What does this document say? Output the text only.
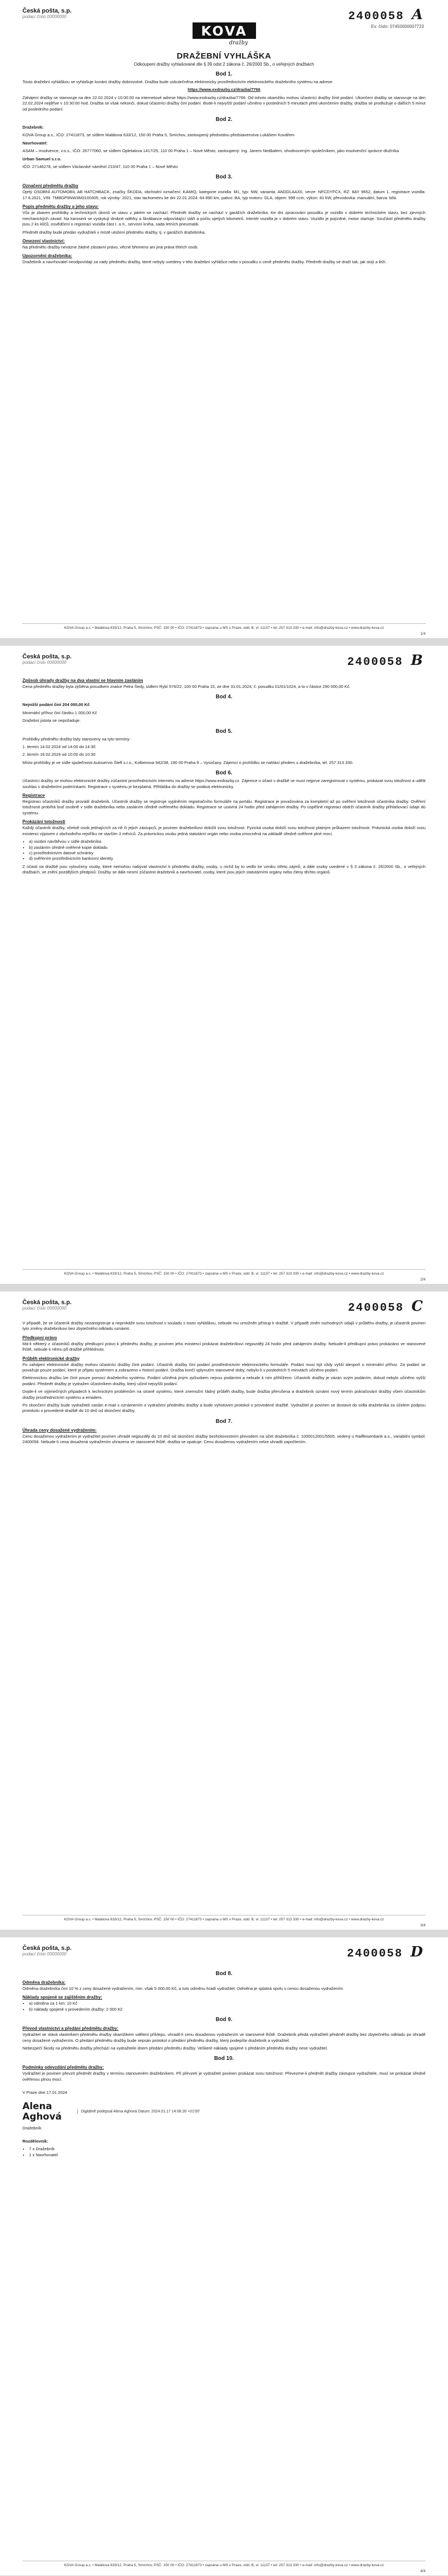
Česká pošta, s.p.
podací číslo 00000000	2400058 A
Ev. číslo: 07450000007723
KOVA
dražby
DRAŽEBNÍ VYHLÁŠKA
Odkoupení dražby vyhlašované dle § 39 odst 2 zákona č. 26/2000 Sb., o veřejných dražbách
Bod 1.

Touto dražební vyhláškou se vyhlašuje konání dražby dobrovolné. Dražba bude uskutečněna elektronicky prostřednictvím elektronického dražebního systému na adrese:

https://www.exdrazby.cz/drazba/7766

Zahájení dražby se stanovuje na den 22.02.2024 v 10:00:00 na internetové adrese https://www.exdrazby.cz/drazba/7766. Od tohoto okamžiku mohou účastníci dražby činit podání. Ukončení dražby se stanovuje na den 22.02.2024 nejdříve v 10:30:00 hod. Dražba se však nekončí, dokud účastníci dražby činí podání. Bude-li nejvyšší podání učiněno v posledních 5 minutách před ukončením dražby, dražba se prodlužuje o dalších 5 minut od posledního podání.

Bod 2.
Dražebník:

KOVA Group a.s., IČO: 27411873, se sídlem Malátova 633/12, 150 00 Praha 5, Smíchov, zastoupený předsedou představenstva Lukášem Kovářem

Navrhovatel:

ASAM – insolvence, v.o.s., IČO: 26777060, se sídlem Opletalova 1417/25, 110 00 Praha 1 – Nové Město, zastoupený: Ing. Janem Nedbalem, ohodnoceným společníkem, jako insolvenční správce dlužníka

Urban Samuel s.r.o.

IČO: 27146278, se sídlem Václavské náměstí 210/47, 110 00 Praha 1 – Nové Město

Bod 3.
Označení předmětu dražby

Ojetý OSOBNÍ AUTOMOBIL AB HATCHBACK, značky ŠKODA, obchodní označení: KAMIQ, kategorie vozidla: M1, typ: NW, varianta: ANDDLAAX0, verze: NFCDYFCX, RZ: 8AY 9652, datum 1. registrace vozidla: 17.6.2021, VIN: TMBGP9NW3M3100305, rok výroby: 2021, stav tachometru ke dni 22.01.2024: 64 890 km, palivo: BA, typ motoru: DLA, objem: 999 ccm, výkon: 81 kW, převodovka: manuální, barva: bílá.

Popis předmětu dražby a jeho stavu:

Vůz je zbaven prohlídky a technických úkonů ve stavu v jakém se nachází. Předmět dražby se nachází v garážích dražebníka. Ke dni zpracování posudku je vozidlo v dobrém technickém stavu, bez zjevných mechanických závad. Na karoserii se vyskytují drobné oděrky a škrábance odpovídající stáří a počtu ujetých kilometrů. Interiér vozidla je v dobrém stavu. Vozidlo je pojízdné, motor startuje. Součástí předmětu dražby jsou 2 ks klíčů, osvědčení o registraci vozidla část I. a II., servisní kniha, sada letních pneumatik.

Předmět dražby bude předán vydražiteli v místě uložení předmětu dražby, tj. v garážích dražebníka.

Omezení vlastnictví:

Na předmětu dražby nevázne žádné zástavní právo, věcné břemeno ani jiná práva třetích osob.

Upozornění dražebníka:

Dražebník a navrhovatel neodpovídají za vady předmětu dražby, které nebyly uvedeny v této dražební vyhlášce nebo v posudku o ceně předmětu dražby. Předmět dražby se draží tak, jak stojí a leží.

KOVA Group a.s. • Malátova 633/12, Praha 5, Smíchov, PSČ: 150 00 • IČO: 27411873 • zapsána u MS v Praze, odd. B, vl. 11137 • tel: 257 313 330 • e-mail: info@drazby-kova.cz • www.drazby-kova.cz
1/4
Česká pošta, s.p.
podací číslo 00000000	2400058 B
Způsob úhrady dražby na dva vlastní se hlavním zasláním

Cena předmětu dražby byla zjištěna posudkem znalce Petra Šedy, sídlem Rybí 576/22, 100 00 Praha 10, ze dne 31.01.2024, č. posudku 01/01/1024, a to v částce 290 000,00 Kč.

Bod 4.

Nejnižší podání činí 204 000,00 Kč

Minimální příhoz činí částku 1 000,00 Kč

Dražební jistota se nepožaduje.

Bod 5.

Prohlídky předmětu dražby byly stanoveny na tyto termíny:

1. termín 14.02.2024 od 14:00 do 14:30

2. termín 16.02.2024 od 10:00 do 10:30

Místo prohlídky je ve sídle společnosti Autoservis Štefl s.r.o., Kolbenova 942/38, 190 00 Praha 9 – Vysočany. Zájemci o prohlídku se nahlásí předem u dražebníka, tel. 257 313 330.

Bod 6.

Účastníci dražby se mohou elektronické dražby zúčastnit prostřednictvím internetu na adrese https://www.exdrazby.cz. Zájemce o účast v dražbě se musí nejprve zaregistrovat v systému, prokázat svou totožnost a udělit souhlas s dražebními podmínkami. Registrace v systému je bezplatná. Přihláška do dražby se podává elektronicky.

Registrace

Registraci účastníků dražby provádí dražebník. Účastník dražby se registruje vyplněním registračního formuláře na portálu. Registrace je považována za kompletní až po ověření totožnosti účastníka dražby. Ověření totožnosti probíhá buď osobně v sídle dražebníka nebo zasláním úředně ověřeného dokladu. Registrace se uzavírá 24 hodin před zahájením dražby. Po úspěšné registraci obdrží účastník dražby přihlašovací údaje do systému.

Prokázání totožnosti

Každý účastník dražby, včetně osob jednajících za ně či jejich zástupců, je povinen dražebníkovi doložit svou totožnost. Fyzická osoba doloží svou totožnost platným průkazem totožnosti. Právnická osoba doloží svou existenci výpisem z obchodního rejstříku ne starším 3 měsíců. Za právnickou osobu jedná statutární orgán nebo osoba zmocněná na základě úředně ověřené plné moci.

• a) osobní návštěvou v sídle dražebníka
• b) zasláním úředně ověřené kopie dokladu
• c) prostřednictvím datové schránky
• d) ověřením prostřednictvím bankovní identity

Z účasti na dražbě jsou vyloučeny osoby, které nemohou nabývat vlastnictví k předmětu dražby, osoby, u nichž by to vedlo ke vzniku střetu zájmů, a dále osoby uvedené v § 3 zákona č. 26/2000 Sb., o veřejných dražbách, ve znění pozdějších předpisů. Dražby se dále nesmí zúčastnit dražebník a navrhovatel, osoby, které jsou jejich statutárními orgány nebo členy těchto orgánů.

KOVA Group a.s. • Malátova 633/12, Praha 5, Smíchov, PSČ: 150 00 • IČO: 27411873 • zapsána u MS v Praze, odd. B, vl. 11137 • tel: 257 313 330 • e-mail: info@drazby-kova.cz • www.drazby-kova.cz
2/4
Česká pošta, s.p.
podací číslo 00000000	2400058 C

V případě, že se účastník dražby nezaregistruje a neprokáže svou totožnost v souladu s touto vyhláškou, nebude mu umožněn přístup k dražbě. V případě změn rozhodných údajů v průběhu dražby, je účastník povinen tyto změny dražebníkovi bez zbytečného odkladu oznámit.

Předkupní právo

Má-li některý z účastníků dražby předkupní právo k předmětu dražby, je povinen jeho existenci prokázat dražebníkovi nejpozději 24 hodin před zahájením dražby. Nebude-li předkupní právo prokázáno ve stanovené lhůtě, nebude k němu při dražbě přihlédnuto.

Průběh elektronické dražby

Po zahájení elektronické dražby mohou účastníci dražby činit podání. Účastník dražby činí podání prostřednictvím elektronického formuláře. Podání musí být vždy vyšší alespoň o minimální příhoz. Za podání se považuje pouze podání, které je přijato systémem a zobrazeno v historii podání. Dražba končí uplynutím stanovené doby, nebylo-li v posledních 5 minutách učiněno podání.

Elektronickou dražbu lze činit pouze pomocí dražebního systému. Podání učiněná jiným způsobem nejsou podáními a nebude k nim přihlíženo. Účastník dražby je vázán svým podáním, dokud nebylo učiněno vyšší podání. Předmět dražby je vydražen účastníkem dražby, který učinil nejvyšší podání.

Dojde-li ve výjimečných případech k technickým problémům na straně systému, které znemožní řádný průběh dražby, bude dražba přerušena a dražebník oznámí nový termín pokračování dražby všem účastníkům dražby prostřednictvím systému a emailem.

Po skončení dražby bude vydražiteli zaslán e-mail s oznámením o vydražení předmětu dražby a bude vyhotoven protokol o provedené dražbě. Vydražitel je povinen se dostavit do sídla dražebníka za účelem podpisu protokolu o provedené dražbě do 10 dnů od skončení dražby.

Bod 7.
Úhrada ceny dosažené vydražením:

Cenu dosaženou vydražením je vydražitel povinen uhradit nejpozději do 10 dnů od skončení dražby bezhotovostním převodem na účet dražebníka č. 1000012001/5500, vedený u Raiffeisenbank a.s., variabilní symbol: 2400058. Nebude-li cena dosažená vydražením uhrazena ve stanovené lhůtě, dražba se opakuje. Cenu dosaženou vydražením nelze uhradit započtením.

KOVA Group a.s. • Malátova 633/12, Praha 5, Smíchov, PSČ: 150 00 • IČO: 27411873 • zapsána u MS v Praze, odd. B, vl. 11137 • tel: 257 313 330 • e-mail: info@drazby-kova.cz • www.drazby-kova.cz
3/4
Česká pošta, s.p.
podací číslo 00000000	2400058 D
Bod 8.
Odměna dražebníka:

Odměna dražebníka činí 10 % z ceny dosažené vydražením, min. však 5 000,00 Kč, a tuto odměnu hradí vydražitel. Odměna je splatná spolu s cenou dosaženou vydražením.

Náklady spojené se zajištěním dražby:
• a) odměna za 1 km: 10 Kč
• b) náklady spojené s provedením dražby: 2 000 Kč
Bod 9.
Převod vlastnictví a předání předmětu dražby:

Vydražitel se stává vlastníkem předmětu dražby okamžikem udělení příklepu, uhradil-li cenu dosaženou vydražením ve stanovené lhůtě. Dražebník předá vydražiteli předmět dražby bez zbytečného odkladu po úhradě ceny dosažené vydražením. O předání předmětu dražby bude sepsán protokol o předání předmětu dražby, který podepíše dražebník a vydražitel.

Nebezpečí škody na předmětu dražby přechází na vydražitele dnem předání předmětu dražby. Veškeré náklady spojené s předáním předmětu dražby nese vydražitel.

Bod 10.
Podmínky odevzdání předmětu dražby:

Vydražitel je povinen převzít předmět dražby v termínu stanoveném dražebníkem. Při převzetí je vydražitel povinen prokázat svou totožnost. Převezme-li předmět dražby zástupce vydražitele, musí se prokázat úředně ověřenou plnou mocí.

V Praze dne 17.01.2024

Alena Aghová	Digitálně podepsal Alena Aghová Datum: 2024.01.17 14:06:26 +01'00'

Dražebník

Rozdělovník:

• 7 x Dražebník
• 1 x Navrhovatel
KOVA Group a.s. • Malátova 633/12, Praha 5, Smíchov, PSČ: 150 00 • IČO: 27411873 • zapsána u MS v Praze, odd. B, vl. 11137 • tel: 257 313 330 • e-mail: info@drazby-kova.cz • www.drazby-kova.cz
4/4
